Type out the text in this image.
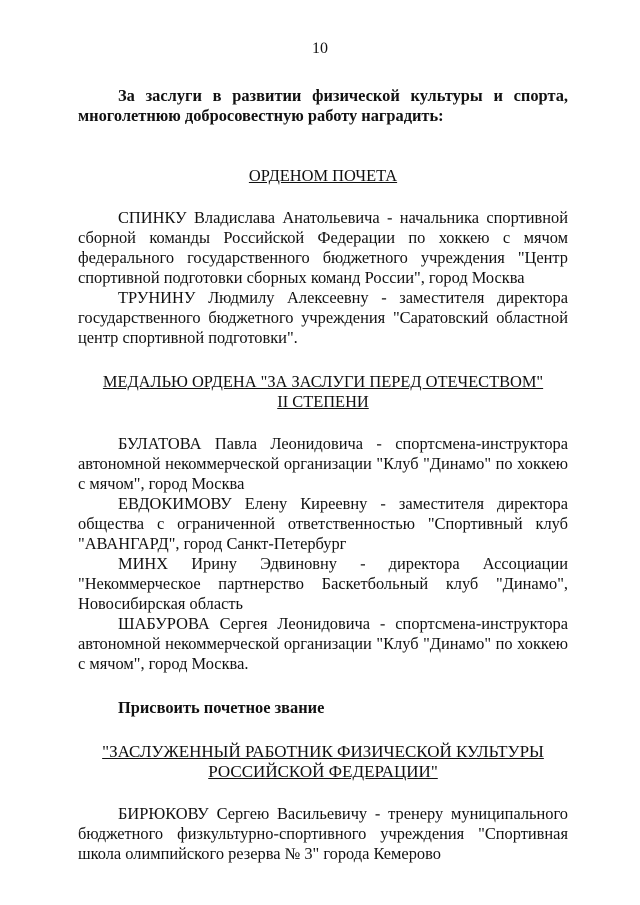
10

За заслуги в развитии физической культуры и спорта, многолетнюю добросовестную работу наградить:

ОРДЕНОМ ПОЧЕТА

СПИНКУ Владислава Анатольевича - начальника спортивной сборной команды Российской Федерации по хоккею с мячом федерального государственного бюджетного учреждения "Центр спортивной подготовки сборных команд России", город Москва

ТРУНИНУ Людмилу Алексеевну - заместителя директора государственного бюджетного учреждения "Саратовский областной центр спортивной подготовки".

МЕДАЛЬЮ ОРДЕНА "ЗА ЗАСЛУГИ ПЕРЕД ОТЕЧЕСТВОМ"
II СТЕПЕНИ

БУЛАТОВА Павла Леонидовича - спортсмена-инструктора автономной некоммерческой организации "Клуб "Динамо" по хоккею с мячом", город Москва

ЕВДОКИМОВУ Елену Киреевну - заместителя директора общества с ограниченной ответственностью "Спортивный клуб "АВАНГАРД", город Санкт-Петербург

МИНХ Ирину Эдвиновну - директора Ассоциации "Некоммерческое партнерство Баскетбольный клуб "Динамо", Новосибирская область

ШАБУРОВА Сергея Леонидовича - спортсмена-инструктора автономной некоммерческой организации "Клуб "Динамо" по хоккею с мячом", город Москва.

Присвоить почетное звание

"ЗАСЛУЖЕННЫЙ РАБОТНИК ФИЗИЧЕСКОЙ КУЛЬТУРЫ
РОССИЙСКОЙ ФЕДЕРАЦИИ"

БИРЮКОВУ Сергею Васильевичу - тренеру муниципального бюджетного физкультурно-спортивного учреждения "Спортивная школа олимпийского резерва № 3" города Кемерово
